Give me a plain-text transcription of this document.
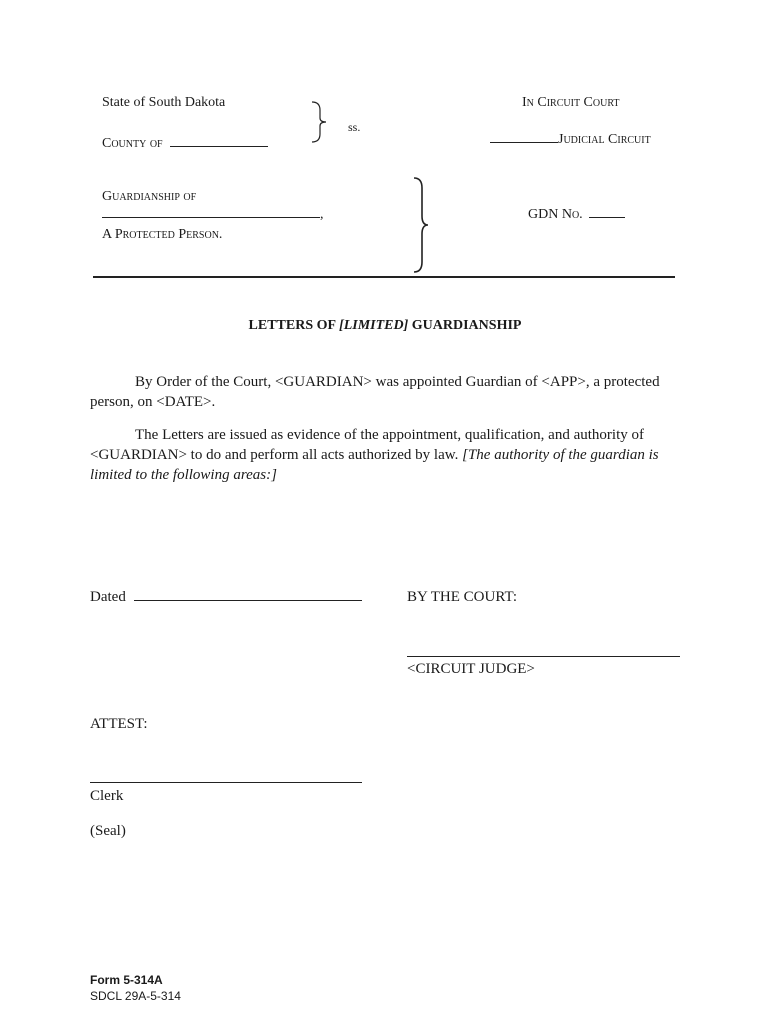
State of South Dakota
County of
ss.
In Circuit Court
Judicial Circuit
Guardianship of
,
A Protected Person.
GDN No.
LETTERS OF [LIMITED] GUARDIANSHIP

By Order of the Court, <GUARDIAN> was appointed Guardian of <APP>, a protected person, on <DATE>.

The Letters are issued as evidence of the appointment, qualification, and authority of <GUARDIAN> to do and perform all acts authorized by law. [The authority of the guardian is limited to the following areas:]

Dated	BY THE COURT:
<CIRCUIT JUDGE>
ATTEST:
Clerk
(Seal)
Form 5-314A
SDCL 29A-5-314
